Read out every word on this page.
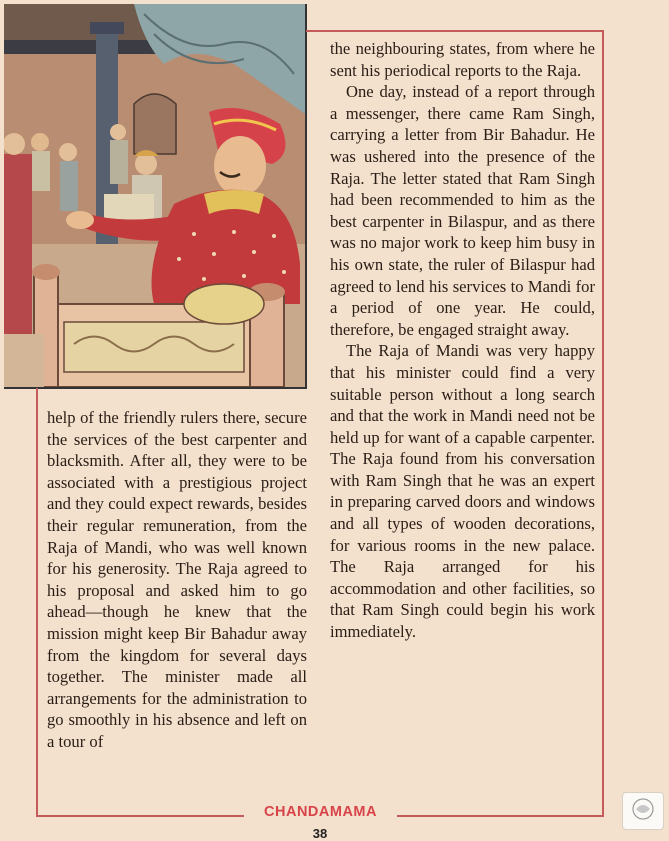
the neighbouring states, from where he sent his periodical reports to the Raja.

One day, instead of a report through a messenger, there came Ram Singh, carrying a letter from Bir Bahadur. He was ushered into the presence of the Raja. The letter stated that Ram Singh had been recommended to him as the best carpenter in Bilaspur, and as there was no major work to keep him busy in his own state, the ruler of Bilaspur had agreed to lend his services to Mandi for a period of one year. He could, therefore, be engaged straight away.

The Raja of Mandi was very happy that his minister could find a very suitable person without a long search and that the work in Mandi need not be held up for want of a capable carpenter. The Raja found from his conversation with Ram Singh that he was an expert in preparing carved doors and windows and all types of wooden decorations, for various rooms in the new palace. The Raja arranged for his accommodation and other facilities, so that Ram Singh could begin his work immediately.

help of the friendly rulers there, secure the services of the best carpenter and blacksmith. After all, they were to be associated with a prestigious project and they could expect rewards, besides their regular remuneration, from the Raja of Mandi, who was well known for his generosity. The Raja agreed to his proposal and asked him to go ahead—though he knew that the mission might keep Bir Bahadur away from the kingdom for several days together. The minister made all arrangements for the administration to go smoothly in his absence and left on a tour of

CHANDAMAMA
38
